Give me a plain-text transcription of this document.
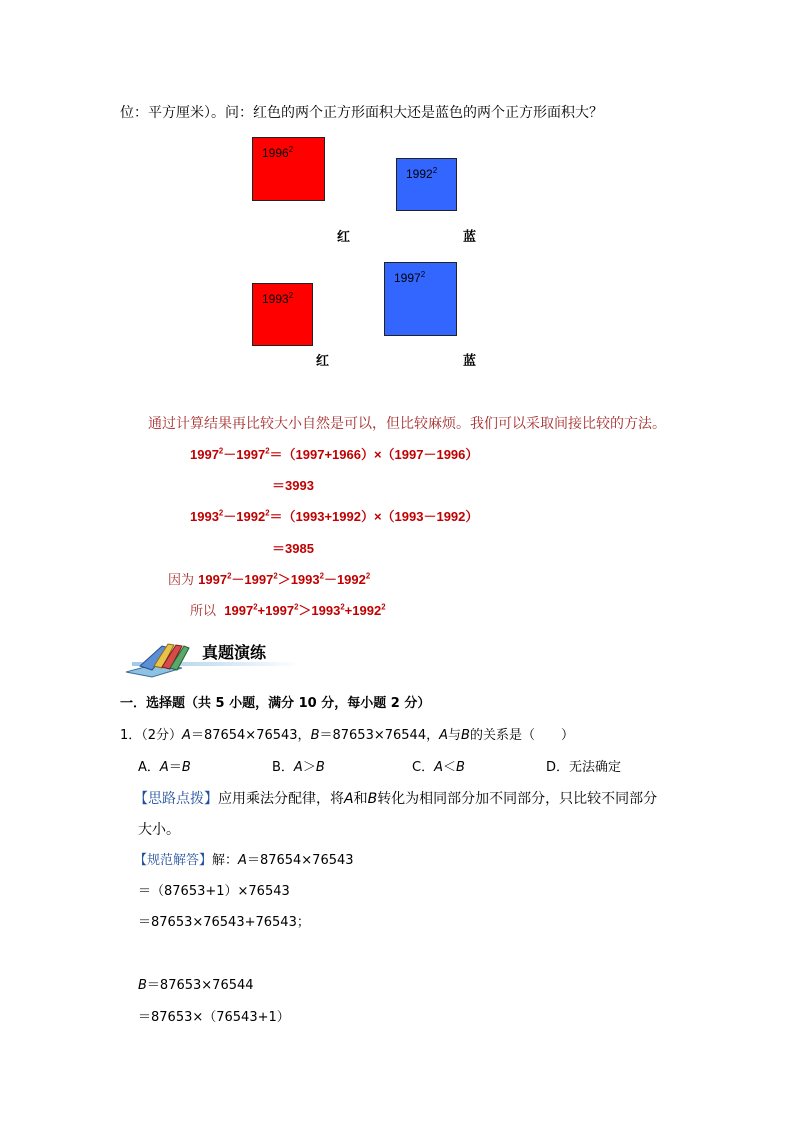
位：平方厘米）。问：红色的两个正方形面积大还是蓝色的两个正方形面积大？
1996$^2$
1992$^2$
红	蓝
1993$^2$
1997$^2$
红	蓝
通过计算结果再比较大小自然是可以，但比较麻烦。我们可以采取间接比较的方法。
$1997^2-1997^2=(1997+1966)\times(1997-1996)$
＝3993
$1993^2-1992^2=(1993+1992)\times(1993-1992)$
＝3985
因为 $1997^2-1997^2>1993^2-1992^2$
所以 $1997^2+1997^2>1993^2+1992^2$
真题演练
一．选择题（共 5 小题，满分 10 分，每小题 2 分）
1．（2分）A＝87654×76543，B＝87653×76544，A与B的关系是（　　）
A．A＝B	B．A＞B	C．A＜B	D．无法确定
【思路点拨】应用乘法分配律，将A和B转化为相同部分加不同部分，只比较不同部分
大小。
【规范解答】解：A＝87654×76543
＝（87653+1）×76543
＝87653×76543+76543；
B＝87653×76544
＝87653×（76543+1）
